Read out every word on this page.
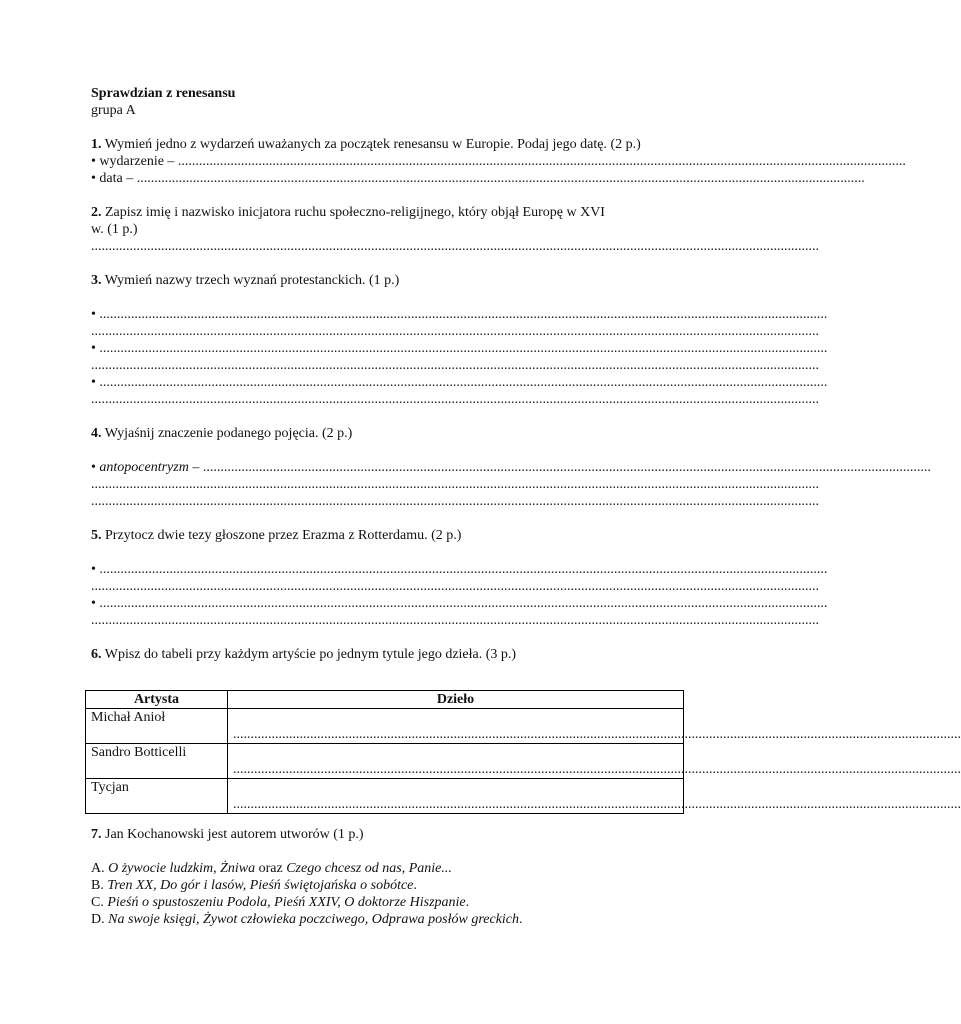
Sprawdzian z renesansu
grupa A
1. Wymień jedno z wydarzeń uważanych za początek renesansu w Europie. Podaj jego datę. (2 p.)
• wydarzenie – ................................................................................................................................................................................................................
• data – ................................................................................................................................................................................................................
2. Zapisz imię i nazwisko inicjatora ruchu społeczno-religijnego, który objął Europę w XVI
w. (1 p.)
................................................................................................................................................................................................................
3. Wymień nazwy trzech wyznań protestanckich. (1 p.)
• ................................................................................................................................................................................................................
................................................................................................................................................................................................................
• ................................................................................................................................................................................................................
................................................................................................................................................................................................................
• ................................................................................................................................................................................................................
................................................................................................................................................................................................................
4. Wyjaśnij znaczenie podanego pojęcia. (2 p.)
• antopocentryzm – ................................................................................................................................................................................................................
................................................................................................................................................................................................................
................................................................................................................................................................................................................
5. Przytocz dwie tezy głoszone przez Erazma z Rotterdamu. (2 p.)
• ................................................................................................................................................................................................................
................................................................................................................................................................................................................
• ................................................................................................................................................................................................................
................................................................................................................................................................................................................
6. Wpisz do tabeli przy każdym artyście po jednym tytule jego dzieła. (3 p.)
Artysta	Dzieło
Michał Anioł	................................................................................................................................................................................................................

Sandro Botticelli	................................................................................................................................................................................................................

Tycjan	................................................................................................................................................................................................................
7. Jan Kochanowski jest autorem utworów (1 p.)
A. O żywocie ludzkim, Żniwa oraz Czego chcesz od nas, Panie...
B. Tren XX, Do gór i lasów, Pieśń świętojańska o sobótce.
C. Pieśń o spustoszeniu Podola, Pieśń XXIV, O doktorze Hiszpanie.
D. Na swoje księgi, Żywot człowieka poczciwego, Odprawa posłów greckich.
